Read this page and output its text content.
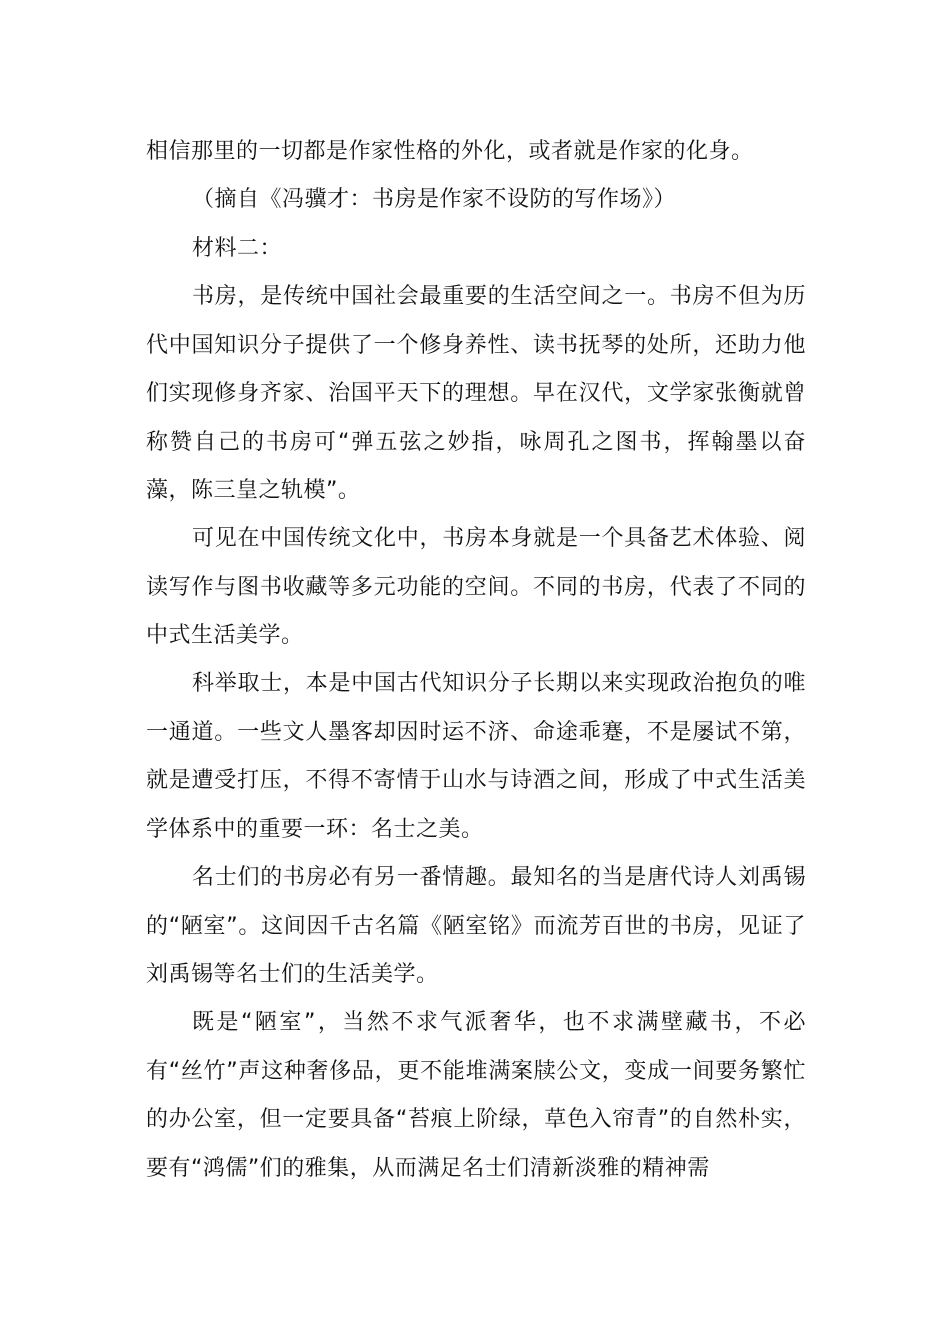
相信那里的一切都是作家性格的外化，或者就是作家的化身。

（摘自《冯骥才：书房是作家不设防的写作场》）

材料二：

书房，是传统中国社会最重要的生活空间之一。书房不但为历代中国知识分子提供了一个修身养性、读书抚琴的处所，还助力他们实现修身齐家、治国平天下的理想。早在汉代，文学家张衡就曾称赞自己的书房可“弹五弦之妙指，咏周孔之图书，挥翰墨以奋藻，陈三皇之轨模”。

可见在中国传统文化中，书房本身就是一个具备艺术体验、阅读写作与图书收藏等多元功能的空间。不同的书房，代表了不同的中式生活美学。

科举取士，本是中国古代知识分子长期以来实现政治抱负的唯一通道。一些文人墨客却因时运不济、命途乖蹇，不是屡试不第，就是遭受打压，不得不寄情于山水与诗酒之间，形成了中式生活美学体系中的重要一环：名士之美。

名士们的书房必有另一番情趣。最知名的当是唐代诗人刘禹锡的“陋室”。这间因千古名篇《陋室铭》而流芳百世的书房，见证了刘禹锡等名士们的生活美学。

既是“陋室”，当然不求气派奢华，也不求满壁藏书，不必有“丝竹”声这种奢侈品，更不能堆满案牍公文，变成一间要务繁忙的办公室，但一定要具备“苔痕上阶绿，草色入帘青”的自然朴实，要有“鸿儒”们的雅集，从而满足名士们清新淡雅的精神需
